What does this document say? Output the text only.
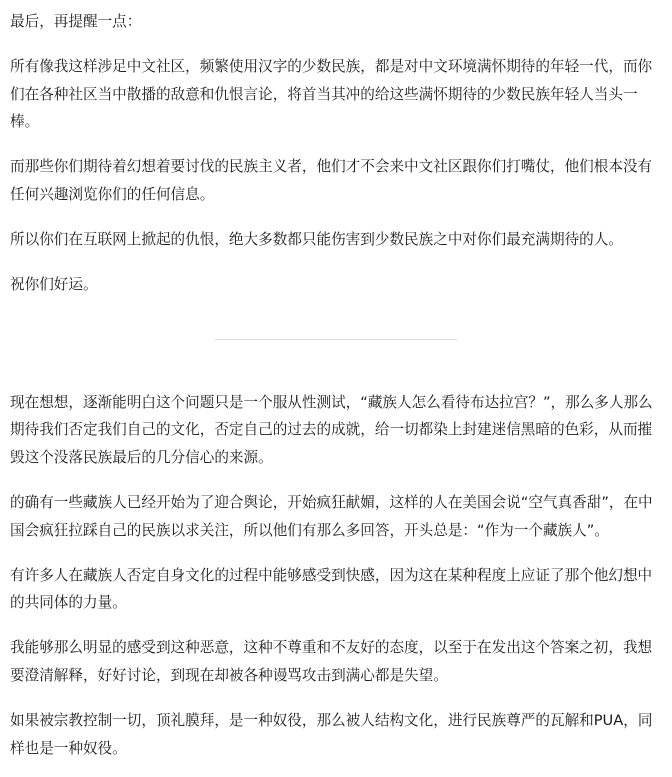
最后，再提醒一点：

所有像我这样涉足中文社区，频繁使用汉字的少数民族，都是对中文环境满怀期待的年轻一代，而你们在各种社区当中散播的敌意和仇恨言论，将首当其冲的给这些满怀期待的少数民族年轻人当头一棒。

而那些你们期待着幻想着要讨伐的民族主义者，他们才不会来中文社区跟你们打嘴仗，他们根本没有任何兴趣浏览你们的任何信息。

所以你们在互联网上掀起的仇恨，绝大多数都只能伤害到少数民族之中对你们最充满期待的人。

祝你们好运。

现在想想，逐渐能明白这个问题只是一个服从性测试，“藏族人怎么看待布达拉宫？”，那么多人那么期待我们否定我们自己的文化，否定自己的过去的成就，给一切都染上封建迷信黑暗的色彩，从而摧毁这个没落民族最后的几分信心的来源。

的确有一些藏族人已经开始为了迎合舆论，开始疯狂献媚，这样的人在美国会说“空气真香甜”，在中国会疯狂拉踩自己的民族以求关注，所以他们有那么多回答，开头总是：“作为一个藏族人”。

有许多人在藏族人否定自身文化的过程中能够感受到快感，因为这在某种程度上应证了那个他幻想中的共同体的力量。

我能够那么明显的感受到这种恶意，这种不尊重和不友好的态度，以至于在发出这个答案之初，我想要澄清解释，好好讨论，到现在却被各种谩骂攻击到满心都是失望。

如果被宗教控制一切，顶礼膜拜，是一种奴役，那么被人结构文化，进行民族尊严的瓦解和PUA，同样也是一种奴役。
